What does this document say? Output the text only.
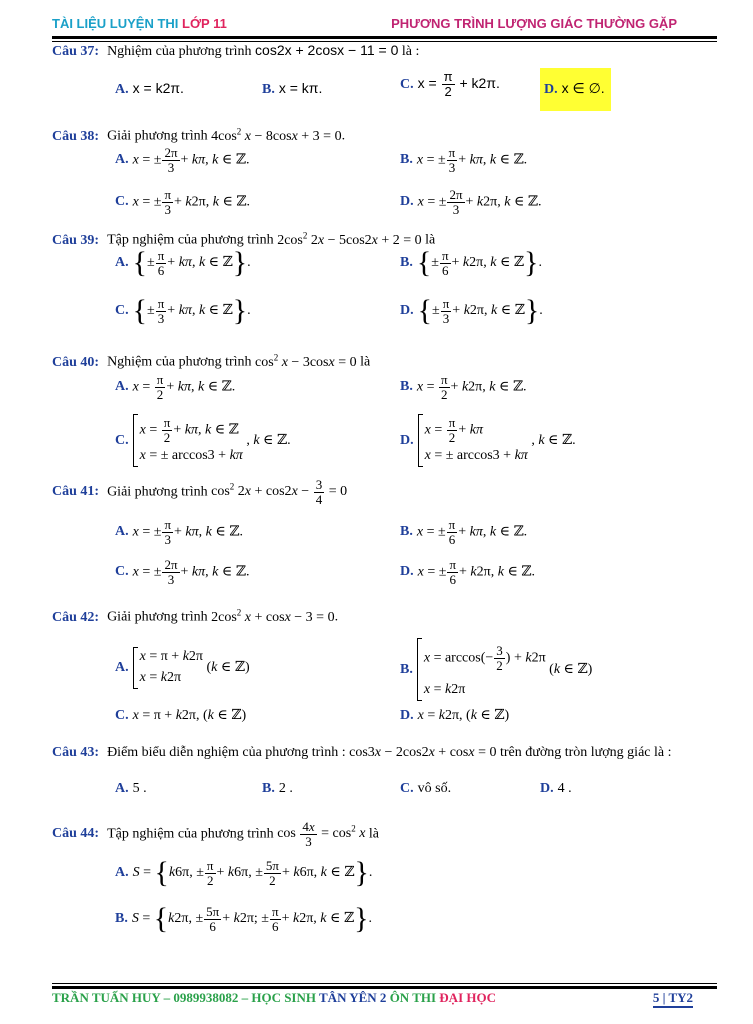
TÀI LIỆU LUYỆN THI LỚP 11	PHƯƠNG TRÌNH LƯỢNG GIÁC THƯỜNG GẶP
Câu 37: Nghiệm của phương trình cos2x + 2cosx − 11 = 0 là :
A. x = k2π.	B. x = kπ.	C. $x = \frac{\pi}{2} + k2\pi$.	D. x ∈ ∅.
Câu 38: Giải phương trình $4\cos^2$ x − 8cosx + 3 = 0.
A. x = ± $\frac{2\pi}{3} + k\pi$, k ∈ ℤ.	B. x = ± $\frac{\pi}{3} + k\pi$, k ∈ ℤ.
C. x = ± $\frac{\pi}{3} + k2\pi$, k ∈ ℤ.	D. x = ± $\frac{2\pi}{3} + k2\pi$, k ∈ ℤ.
Câu 39: Tập nghiệm của phương trình $2\cos^2$ 2x − 5cos2x + 2 = 0 là
A. {± $\frac{\pi}{6} + k\pi$, k ∈ ℤ}.	B. {± $\frac{\pi}{6} + k2\pi$, k ∈ ℤ}.
C. {± $\frac{\pi}{3} + k\pi$, k ∈ ℤ}.	D. {± $\frac{\pi}{3} + k2\pi$, k ∈ ℤ}.
Câu 40: Nghiệm của phương trình $\cos^2 x - 3\cos x = 0$ là
A. $x = \frac{\pi}{2} + k\pi$, k ∈ ℤ.	B. $x = \frac{\pi}{2} + k2\pi$, k ∈ ℤ.
C.
$x = \frac{\pi}{2} + k\pi$, k ∈ ℤ
x = ± arccos3 + kπ
, k ∈ ℤ.	D.
$x = \frac{\pi}{2} + k\pi$
x = ± arccos3 + kπ
, k ∈ ℤ.
Câu 41: Giải phương trình $\cos^2 2x + \cos 2x - \frac{3}{4} = 0$
A. x = ± $\frac{\pi}{3} + k\pi$, k ∈ ℤ.	B. x = ± $\frac{\pi}{6} + k\pi$, k ∈ ℤ.
C. x = ± $\frac{2\pi}{3} + k\pi$, k ∈ ℤ.	D. x = ± $\frac{\pi}{6} + k2\pi$, k ∈ ℤ.
Câu 42: Giải phương trình $2\cos^2$ x + cosx − 3 = 0.
A.
x = π + k2π
x = k2π
(k ∈ ℤ)	B.
$x = \arccos(- \frac{3}{2}$ ) + k2π
x = k2π
(k ∈ ℤ)
C. x = π + k2π, (k ∈ ℤ)	D. x = k2π, (k ∈ ℤ)
Câu 43: Điểm biểu diễn nghiệm của phương trình : cos3x − 2cos2x + cosx = 0 trên đường tròn lượng giác là :
A. 5 .	B. 2 .	C. vô số.	D. 4 .
Câu 44: Tập nghiệm của phương trình $\cos \frac{4x}{3} = \cos^2 x$ là
A. S = {k6π, ± $\frac{\pi}{2} + k6\pi$, ± $\frac{5\pi}{2} + k6\pi$, k ∈ ℤ}.
B. S = {k2π, ± $\frac{5\pi}{6} + k2\pi$; ± $\frac{\pi}{6} + k2\pi$, k ∈ ℤ}.
TRẦN TUẤN HUY – 0989938082 – HỌC SINH TÂN YÊN 2 ÔN THI ĐẠI HỌC	5 | TY2
